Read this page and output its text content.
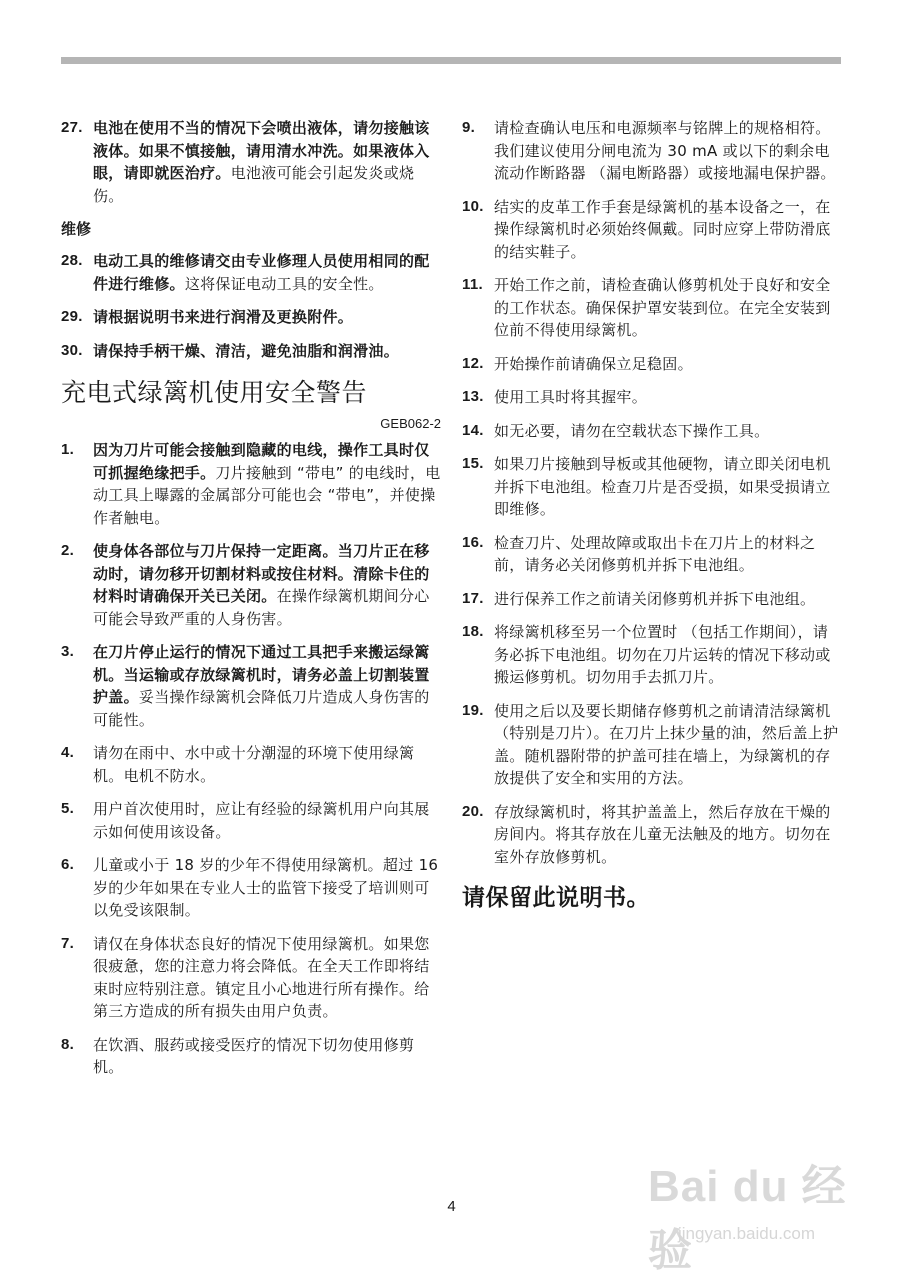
27. 电池在使用不当的情况下会喷出液体，请勿接触该液体。如果不慎接触，请用清水冲洗。如果液体入眼，请即就医治疗。电池液可能会引起发炎或烧伤。
维修
28. 电动工具的维修请交由专业修理人员使用相同的配件进行维修。这将保证电动工具的安全性。
29. 请根据说明书来进行润滑及更换附件。
30. 请保持手柄干燥、清洁，避免油脂和润滑油。
充电式绿篱机使用安全警告
GEB062-2
1.	因为刀片可能会接触到隐藏的电线，操作工具时仅可抓握绝缘把手。刀片接触到 “带电” 的电线时，电动工具上曝露的金属部分可能也会 “带电”，并使操作者触电。
2.	使身体各部位与刀片保持一定距离。当刀片正在移动时，请勿移开切割材料或按住材料。清除卡住的材料时请确保开关已关闭。在操作绿篱机期间分心可能会导致严重的人身伤害。
3.	在刀片停止运行的情况下通过工具把手来搬运绿篱机。当运输或存放绿篱机时，请务必盖上切割装置护盖。妥当操作绿篱机会降低刀片造成人身伤害的可能性。
4.	请勿在雨中、水中或十分潮湿的环境下使用绿篱机。电机不防水。
5.	用户首次使用时，应让有经验的绿篱机用户向其展示如何使用该设备。
6.	儿童或小于 18 岁的少年不得使用绿篱机。超过 16岁的少年如果在专业人士的监管下接受了培训则可以免受该限制。
7.	请仅在身体状态良好的情况下使用绿篱机。如果您很疲惫，您的注意力将会降低。在全天工作即将结束时应特别注意。镇定且小心地进行所有操作。给第三方造成的所有损失由用户负责。
8.	在饮酒、服药或接受医疗的情况下切勿使用修剪机。
9.	请检查确认电压和电源频率与铭牌上的规格相符。我们建议使用分闸电流为 30 mA 或以下的剩余电流动作断路器 （漏电断路器）或接地漏电保护器。
10. 结实的皮革工作手套是绿篱机的基本设备之一，在操作绿篱机时必须始终佩戴。同时应穿上带防滑底的结实鞋子。
11. 开始工作之前，请检查确认修剪机处于良好和安全的工作状态。确保保护罩安装到位。在完全安装到位前不得使用绿篱机。
12. 开始操作前请确保立足稳固。
13. 使用工具时将其握牢。
14. 如无必要，请勿在空载状态下操作工具。
15. 如果刀片接触到导板或其他硬物，请立即关闭电机并拆下电池组。检查刀片是否受损，如果受损请立即维修。
16. 检查刀片、处理故障或取出卡在刀片上的材料之前，请务必关闭修剪机并拆下电池组。
17. 进行保养工作之前请关闭修剪机并拆下电池组。
18. 将绿篱机移至另一个位置时 （包括工作期间），请务必拆下电池组。切勿在刀片运转的情况下移动或搬运修剪机。切勿用手去抓刀片。
19. 使用之后以及要长期储存修剪机之前请清洁绿篱机 （特别是刀片）。在刀片上抹少量的油，然后盖上护盖。随机器附带的护盖可挂在墙上，为绿篱机的存放提供了安全和实用的方法。
20. 存放绿篱机时，将其护盖盖上，然后存放在干燥的房间内。将其存放在儿童无法触及的地方。切勿在室外存放修剪机。
请保留此说明书。
4	Bai du 经验
jingyan.baidu.com
